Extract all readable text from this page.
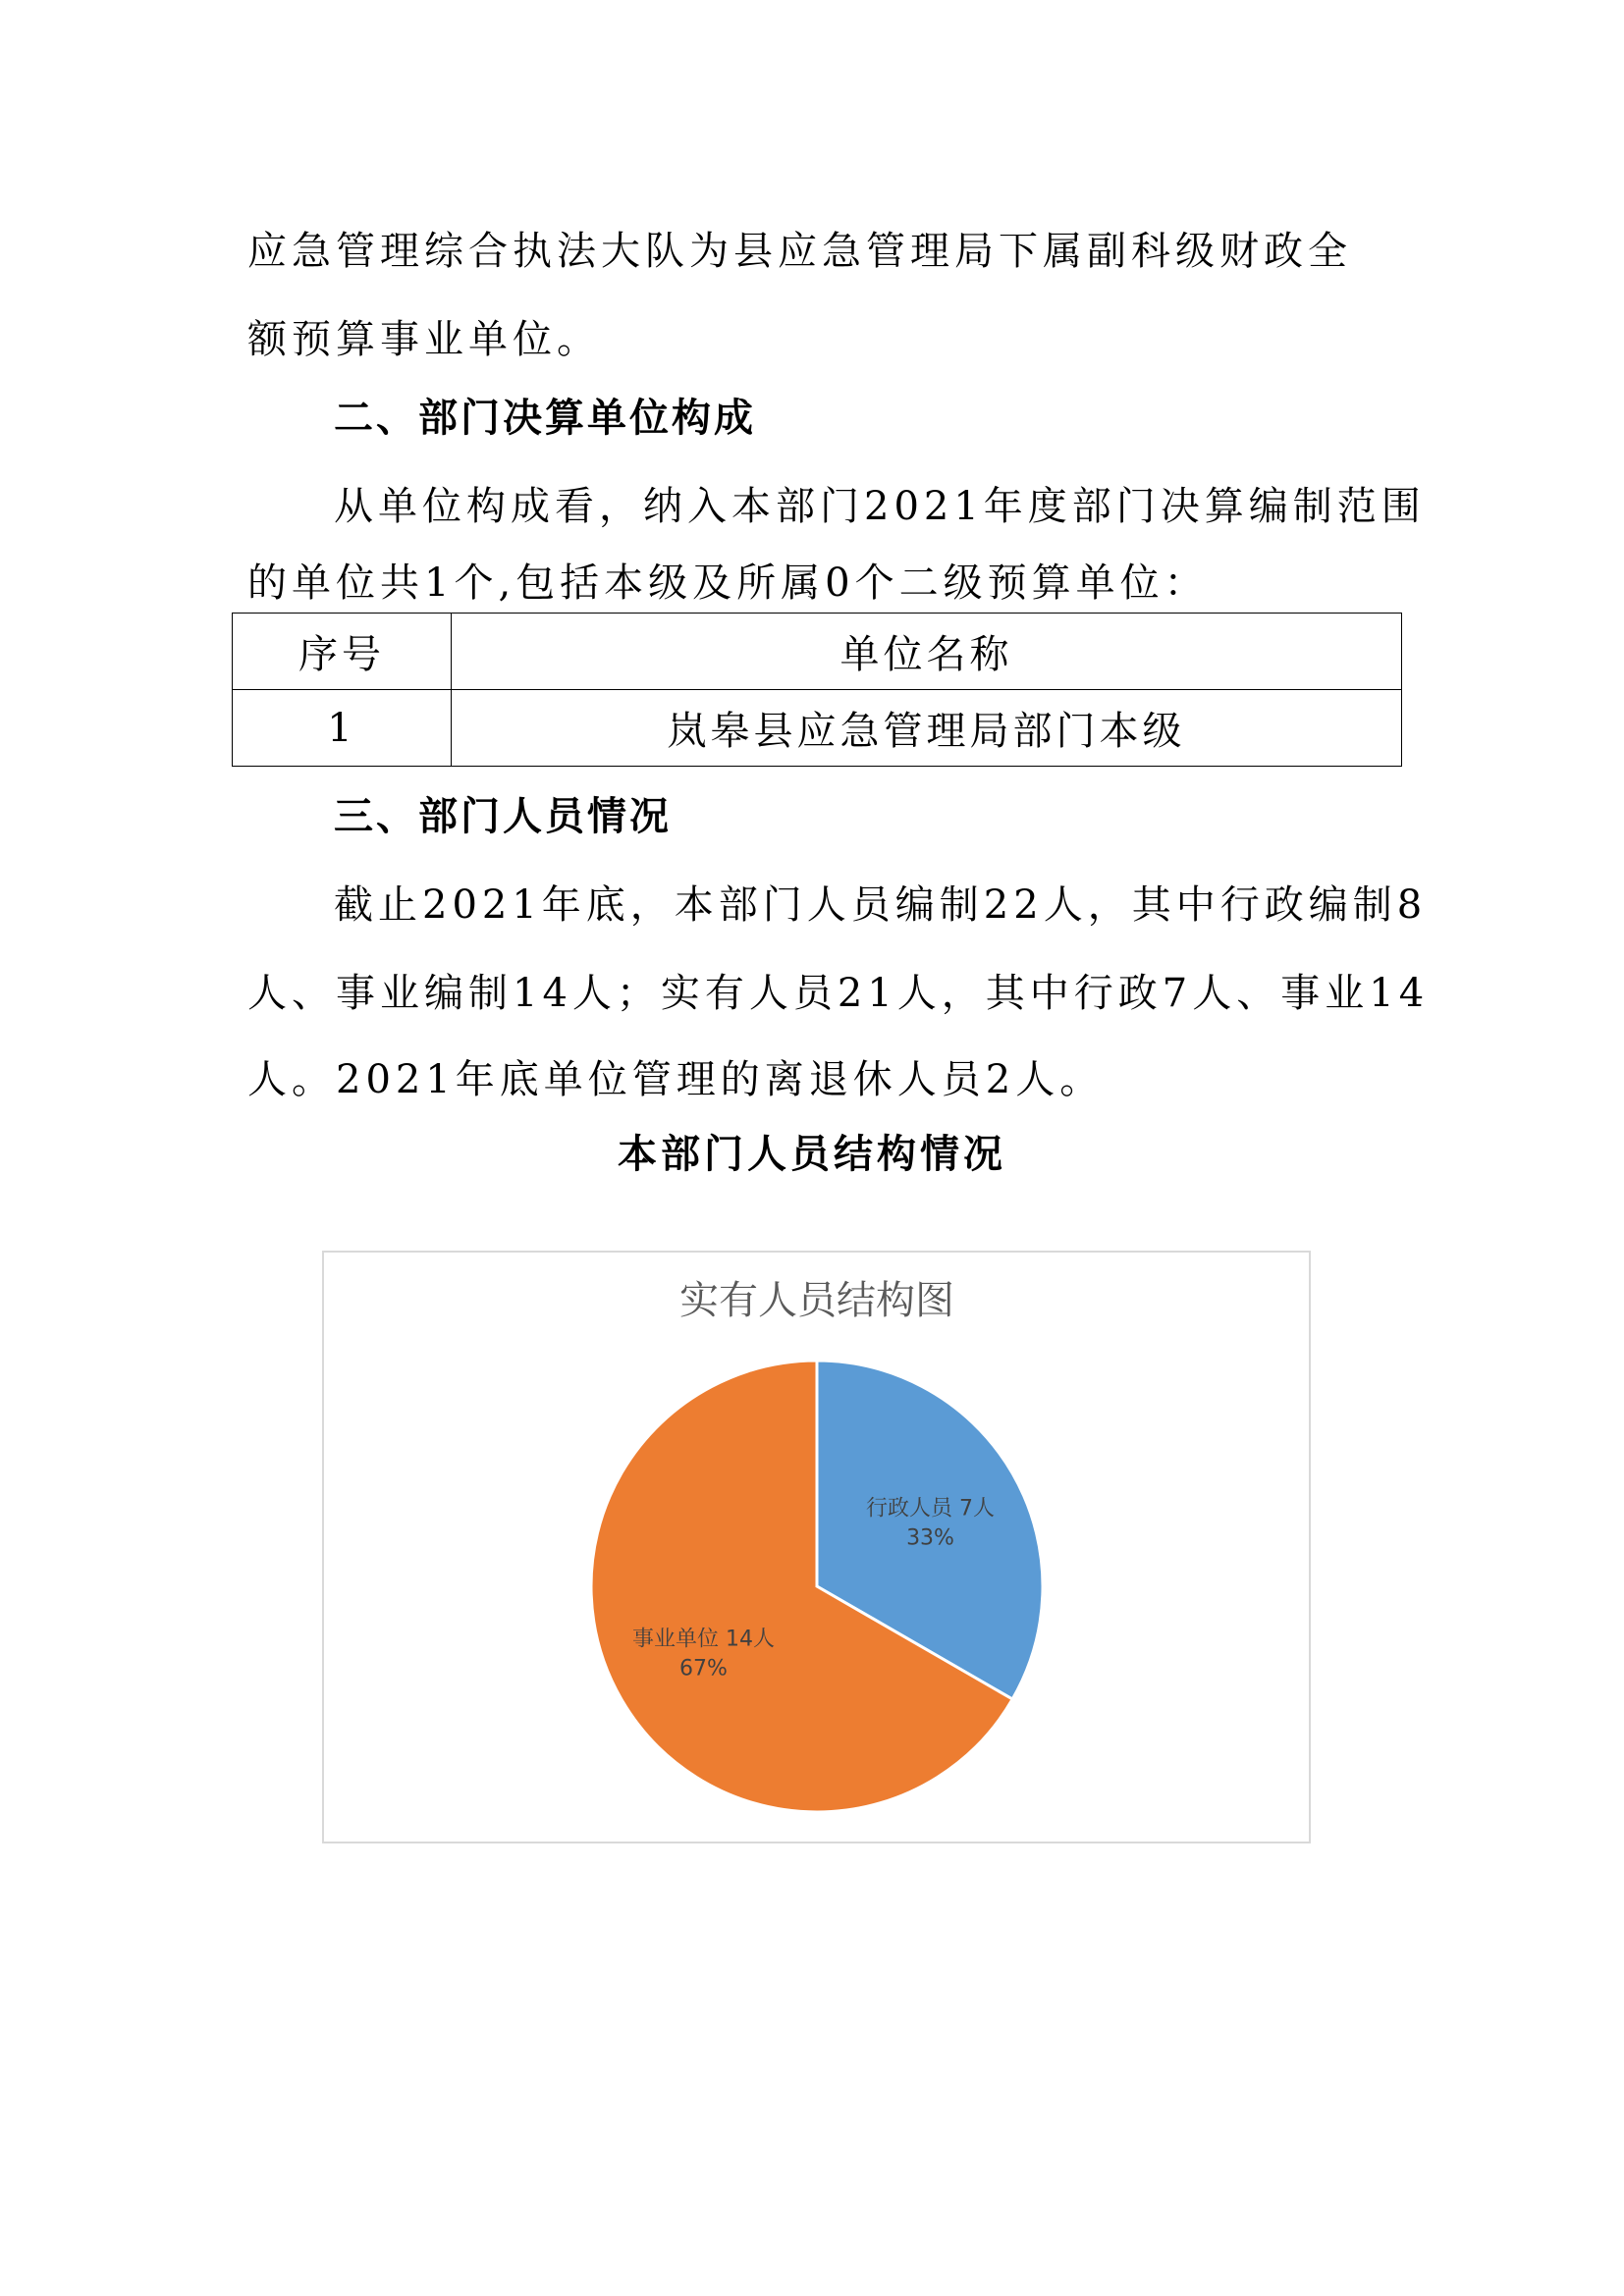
应急管理综合执法大队为县应急管理局下属副科级财政全
额预算事业单位。
二、部门决算单位构成
从单位构成看，纳入本部门2021年度部门决算编制范围
的单位共1个,包括本级及所属0个二级预算单位：
序号	单位名称
1	岚皋县应急管理局部门本级
三、部门人员情况
截止2021年底，本部门人员编制22人，其中行政编制8
人、事业编制14人；实有人员21人，其中行政7人、事业14
人。2021年底单位管理的离退休人员2人。
本部门人员结构情况
实有人员结构图
行政人员 7人 33%
事业单位 14人 67%
